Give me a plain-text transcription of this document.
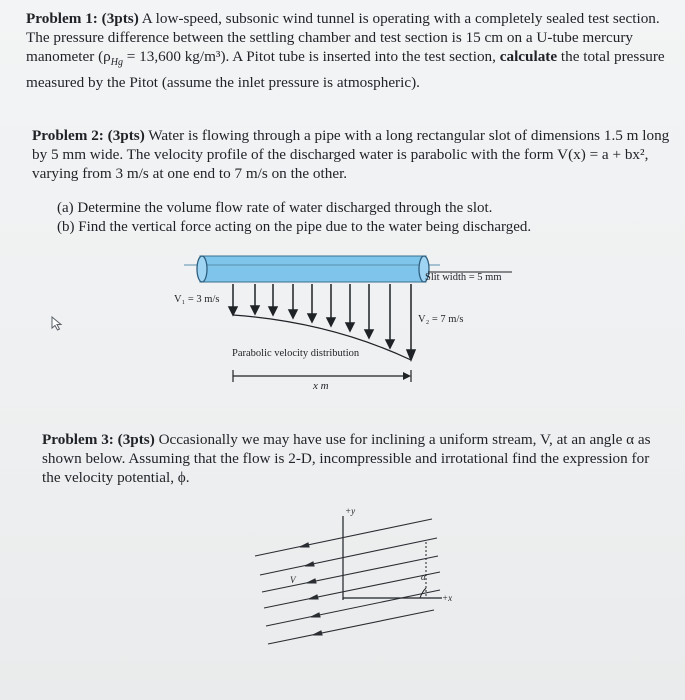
Problem 1: (3pts) A low-speed, subsonic wind tunnel is operating with a completely sealed test section. The pressure difference between the settling chamber and test section is 15 cm on a U-tube mercury manometer ($\rho_{Hg} = 13,600$ kg/m³). A Pitot tube is inserted into the test section, calculate the total pressure measured by the Pitot (assume the inlet pressure is atmospheric).

Problem 2: (3pts) Water is flowing through a pipe with a long rectangular slot of dimensions 1.5 m long by 5 mm wide. The velocity profile of the discharged water is parabolic with the form V(x) = a + bx², varying from 3 m/s at one end to 7 m/s on the other.

(a) Determine the volume flow rate of water discharged through the slot.
(b) Find the vertical force acting on the pipe due to the water being discharged.
Slit width = 5 mm
V₁ = 3 m/s
V₂ = 7 m/s
Parabolic velocity distribution
x m

Problem 3: (3pts) Occasionally we may have use for inclining a uniform stream, V, at an angle α as shown below. Assuming that the flow is 2-D, incompressible and irrotational find the expression for the velocity potential, ϕ.

+y
+x
V	α
